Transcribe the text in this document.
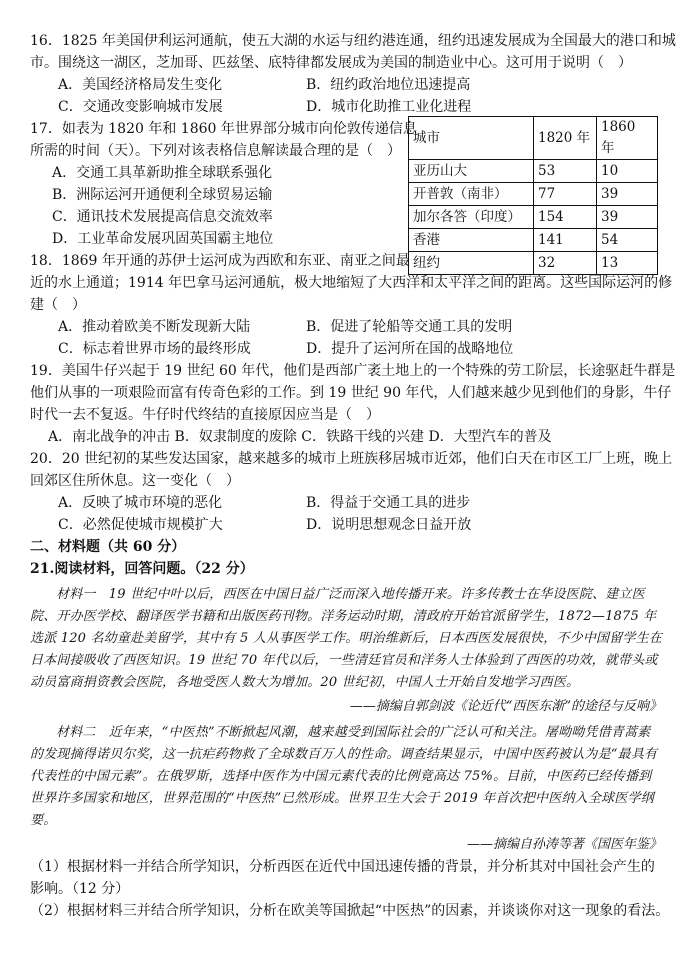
16．1825 年美国伊利运河通航，使五大湖的水运与纽约港连通，纽约迅速发展成为全国最大的港口和城

市。围绕这一湖区，芝加哥、匹兹堡、底特律都发展成为美国的制造业中心。这可用于说明（　）

A．美国经济格局发生变化	B．纽约政治地位迅速提高
C．交通改变影响城市发展	D．城市化助推工业化进程

17．如表为 1820 年和 1860 年世界部分城市向伦敦传递信息

所需的时间（天）。下列对该表格信息解读最合理的是（　）

A．交通工具革新助推全球联系强化
B．洲际运河开通便利全球贸易运输
C．通讯技术发展提高信息交流效率
D．工业革命发展巩固英国霸主地位
城市	1820 年	1860 年
亚历山大	53	10
开普敦（南非）	77	39
加尔各答（印度）	154	39
香港	141	54
纽约	32	13

18．1869 年开通的苏伊士运河成为西欧和东亚、南亚之间最

近的水上通道；1914 年巴拿马运河通航，极大地缩短了大西洋和太平洋之间的距离。这些国际运河的修

建（　）

A．推动着欧美不断发现新大陆	B．促进了轮船等交通工具的发明
C．标志着世界市场的最终形成	D．提升了运河所在国的战略地位

19．美国牛仔兴起于 19 世纪 60 年代，他们是西部广袤土地上的一个特殊的劳工阶层，长途驱赶牛群是

他们从事的一项艰险而富有传奇色彩的工作。到 19 世纪 90 年代，人们越来越少见到他们的身影，牛仔

时代一去不复返。牛仔时代终结的直接原因应当是（　）

A．南北战争的冲击 B．奴隶制度的废除 C．铁路干线的兴建 D．大型汽车的普及

20．20 世纪初的某些发达国家，越来越多的城市上班族移居城市近郊，他们白天在市区工厂上班，晚上

回郊区住所休息。这一变化（　）

A．反映了城市环境的恶化	B．得益于交通工具的进步
C．必然促使城市规模扩大	D．说明思想观念日益开放

二、材料题（共 60 分）

21.阅读材料，回答问题。（22 分）

材料一　19 世纪中叶以后，西医在中国日益广泛而深入地传播开来。许多传教士在华设医院、建立医院、开办医学校、翻译医学书籍和出版医药刊物。洋务运动时期，清政府开始官派留学生，1872—1875 年选派 120 名幼童赴美留学，其中有 5 人从事医学工作。明治维新后，日本西医发展很快，不少中国留学生在日本间接吸收了西医知识。19 世纪 70 年代以后，一些清廷官员和洋务人士体验到了西医的功效，就带头或动员富商捐资教会医院，各地受医人数大为增加。20 世纪初，中国人士开始自发地学习西医。

——摘编自郭剑波《论近代“西医东渐”的途径与反响》

材料二　近年来，“中医热”不断掀起风潮，越来越受到国际社会的广泛认可和关注。屠呦呦凭借青蒿素的发现摘得诺贝尔奖，这一抗疟药物救了全球数百万人的性命。调查结果显示，中国中医药被认为是“最具有代表性的中国元素”。在俄罗斯，选择中医作为中国元素代表的比例竟高达 75%。目前，中医药已经传播到世界许多国家和地区，世界范围的“中医热”已然形成。世界卫生大会于 2019 年首次把中医纳入全球医学纲要。

——摘编自孙涛等著《国医年鉴》

（1）根据材料一并结合所学知识，分析西医在近代中国迅速传播的背景，并分析其对中国社会产生的

影响。（12 分）

（2）根据材料三并结合所学知识，分析在欧美等国掀起“中医热”的因素，并谈谈你对这一现象的看法。
